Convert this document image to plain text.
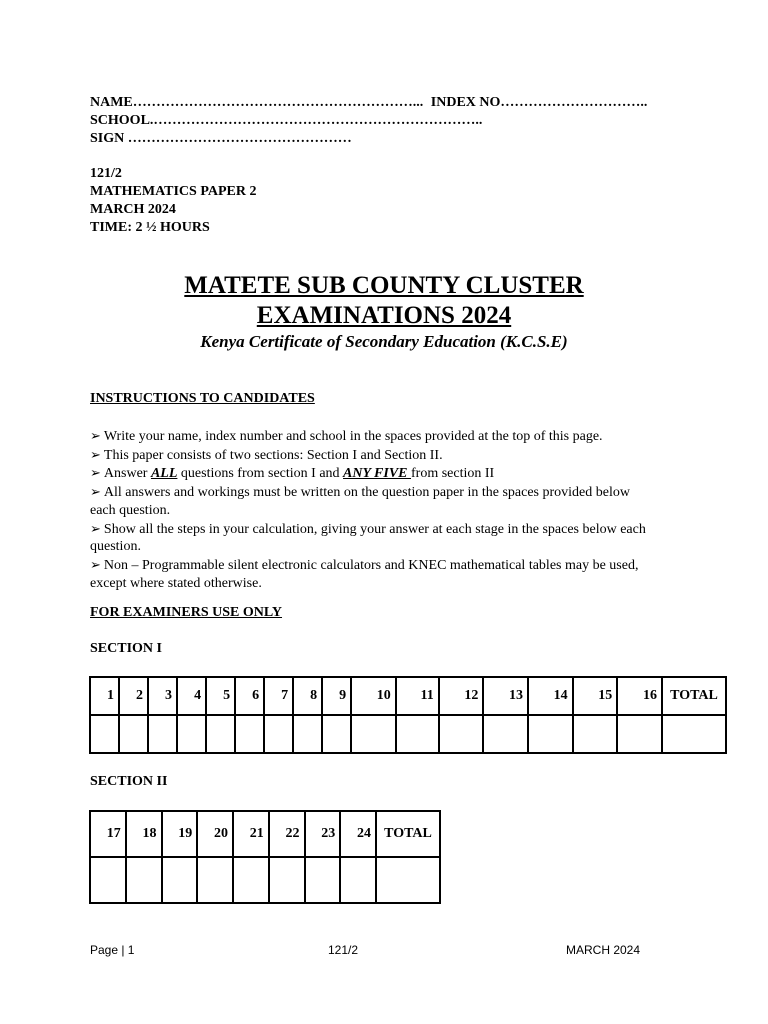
NAME……………………………………………………... INDEX NO…………………………..
SCHOOL.……………………………………………………………..
SIGN …………………………………………
121/2
MATHEMATICS PAPER 2
MARCH 2024
TIME: 2 ½ HOURS
MATETE SUB COUNTY CLUSTER
EXAMINATIONS 2024
Kenya Certificate of Secondary Education (K.C.S.E)
INSTRUCTIONS TO CANDIDATES

➢ Write your name, index number and school in the spaces provided at the top of this page.

➢ This paper consists of two sections: Section I and Section II.

➢ Answer ALL questions from section I and ANY FIVE from section II

➢ All answers and workings must be written on the question paper in the spaces provided below each question.

➢ Show all the steps in your calculation, giving your answer at each stage in the spaces below each question.

➢ Non – Programmable silent electronic calculators and KNEC mathematical tables may be used, except where stated otherwise.

FOR EXAMINERS USE ONLY
SECTION I
1	2	3	4	5	6	7	8	9	10	11	12	13	14	15	16	TOTAL

SECTION II
17	18	19	20	21	22	23	24	TOTAL

Page | 1	121/2	MARCH 2024
